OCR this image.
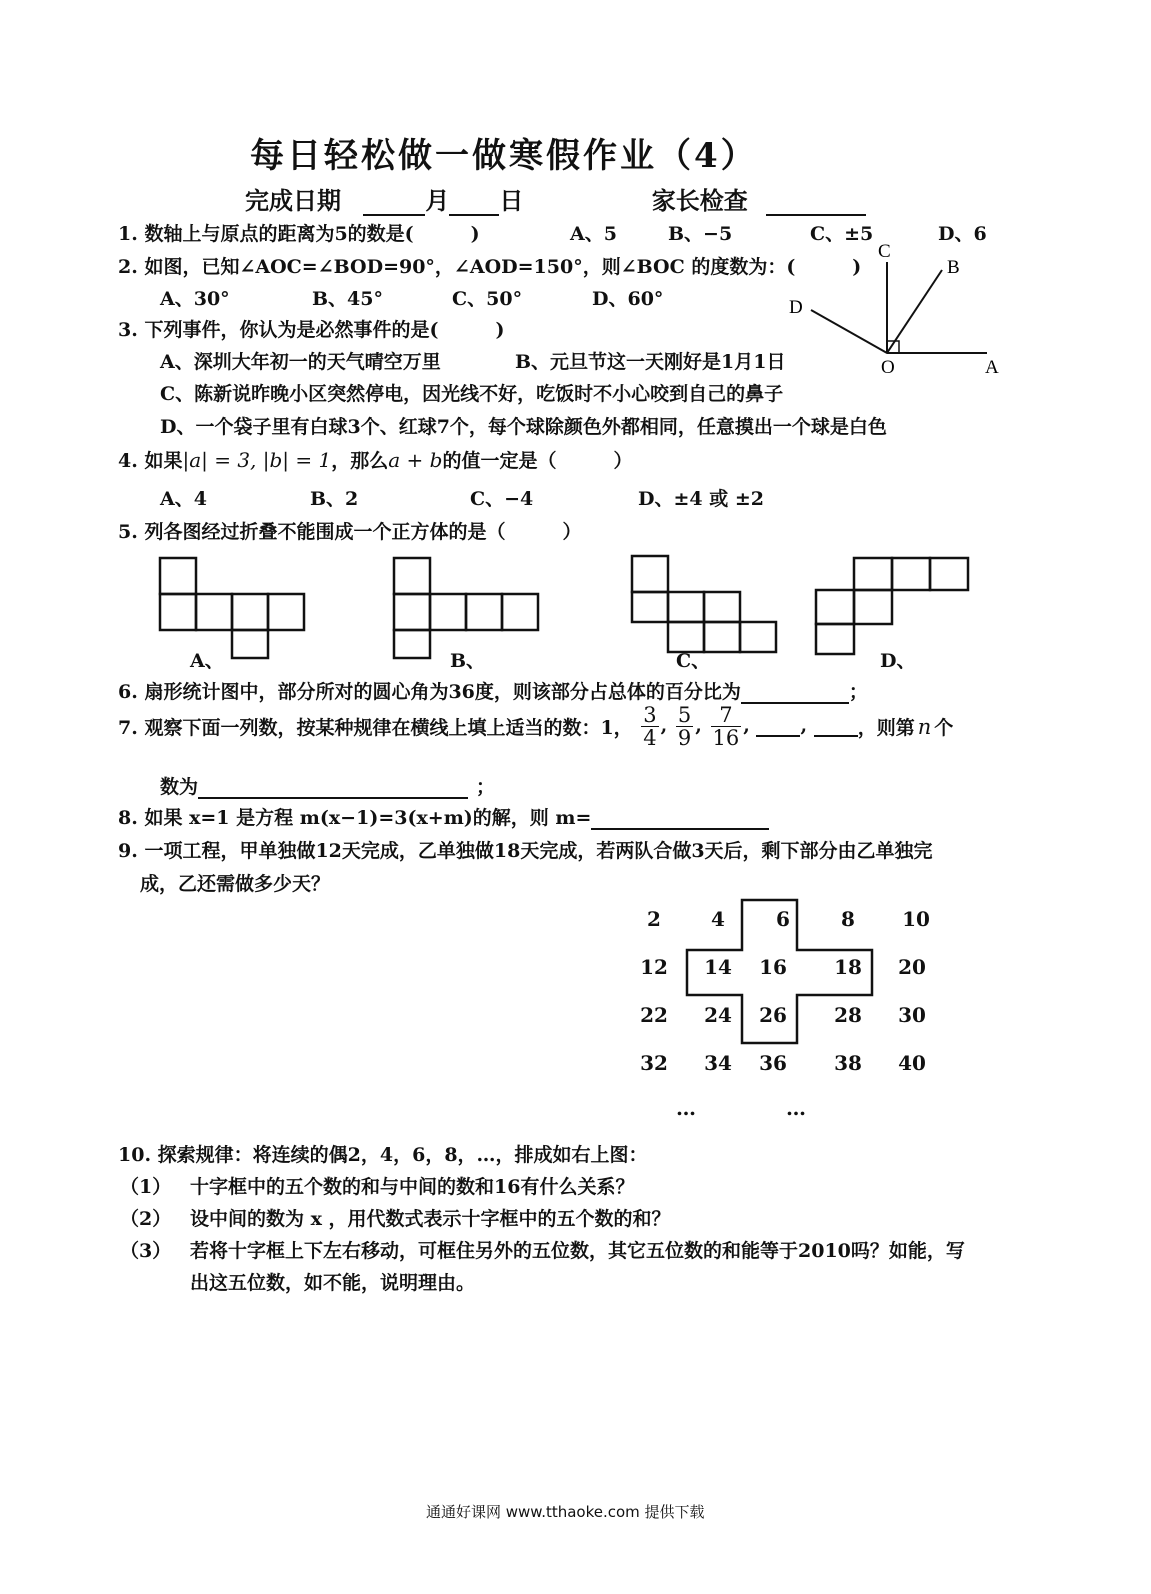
每日轻松做一做寒假作业（4）
完成日期	月 日	家长检查
1. 数轴上与原点的距离为5的数是(　　　)	A、5	B、−5	C、±5	D、6
2. 如图，已知∠AOC=∠BOD=90°，∠AOD=150°，则∠BOC 的度数为：(　　　)
A、30°	B、45°	C、50°	D、60°
C
B
D
O	A
3. 下列事件，你认为是必然事件的是(　　　)
A、深圳大年初一的天气晴空万里	B、元旦节这一天刚好是1月1日
C、陈新说昨晚小区突然停电，因光线不好，吃饭时不小心咬到自己的鼻子
D、一个袋子里有白球3个、红球7个，每个球除颜色外都相同，任意摸出一个球是白色
4. 如果|a| = 3, |b| = 1，那么a + b的值一定是（　　　）
A、4	B、2	C、−4	D、±4 或 ±2
5. 列各图经过折叠不能围成一个正方体的是（　　　）
A、	B、	C、	D、
6. 扇形统计图中，部分所对的圆心角为36度，则该部分占总体的百分比为	；
7. 观察下面一列数，按某种规律在横线上填上适当的数：1， $\frac{3}{4}$ , $\frac{5}{9}$ , $\frac{7}{16}$ , , ，则第 n 个
数为	；
8. 如果 x=1 是方程 m(x−1)=3(x+m)的解，则 m=
9. 一项工程，甲单独做12天完成，乙单独做18天完成，若两队合做3天后，剩下部分由乙单独完
成，乙还需做多少天？
2	4	6	8	10
12	14	16	18	20
22	24	26	28	30
32	34	36	38	40
…	…
10. 探索规律：将连续的偶2，4，6，8，…，排成如右上图：
（1） 十字框中的五个数的和与中间的数和16有什么关系？
（2） 设中间的数为 x ，用代数式表示十字框中的五个数的和？
（3） 若将十字框上下左右移动，可框住另外的五位数，其它五位数的和能等于2010吗？如能，写
出这五位数，如不能，说明理由。
通通好课网 www.tthaoke.com 提供下载
